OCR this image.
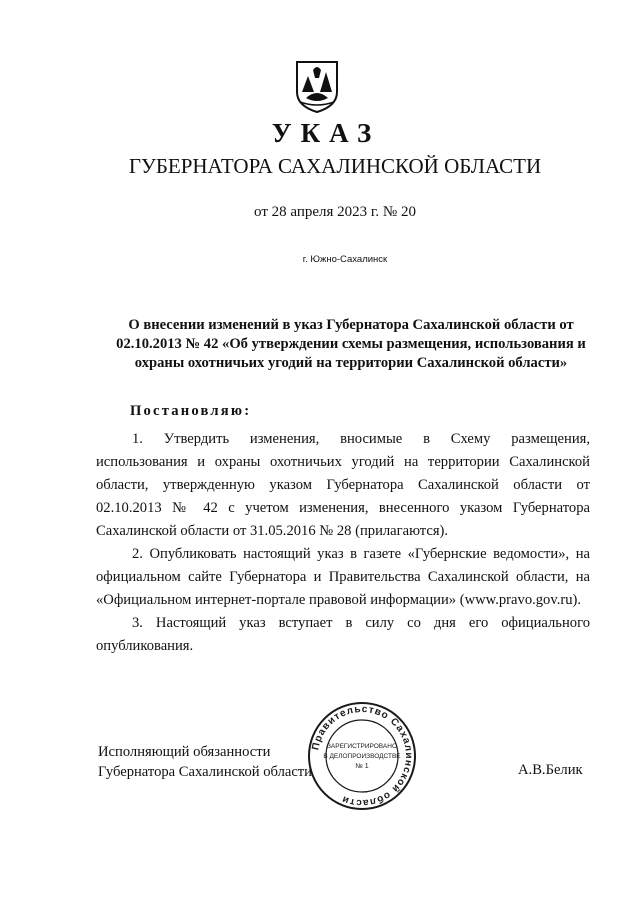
УКАЗ
ГУБЕРНАТОРА САХАЛИНСКОЙ ОБЛАСТИ
от 28 апреля 2023 г. № 20
г. Южно-Сахалинск
О внесении изменений в указ Губернатора Сахалинской области от
02.10.2013 № 42 «Об утверждении схемы размещения, использования и
охраны охотничьих угодий на территории Сахалинской области»
Постановляю:
1. Утвердить изменения, вносимые в Схему размещения,
использования и охраны охотничьих угодий на территории Сахалинской
области, утвержденную указом Губернатора Сахалинской области от
02.10.2013 № 42 с учетом изменения, внесенного указом Губернатора
Сахалинской области от 31.05.2016 № 28 (прилагаются).
2. Опубликовать настоящий указ в газете «Губернские ведомости», на
официальном сайте Губернатора и Правительства Сахалинской области, на
«Официальном интернет-портале правовой информации» (www.pravo.gov.ru).
3. Настоящий указ вступает в силу со дня его официального
опубликования.
Исполняющий обязанности
Губернатора Сахалинской области
Правительство Сахалинской области
ЗАРЕГИСТРИРОВАНО
В ДЕЛОПРОИЗВОДСТВЕ
№ 1	А.В.Белик
